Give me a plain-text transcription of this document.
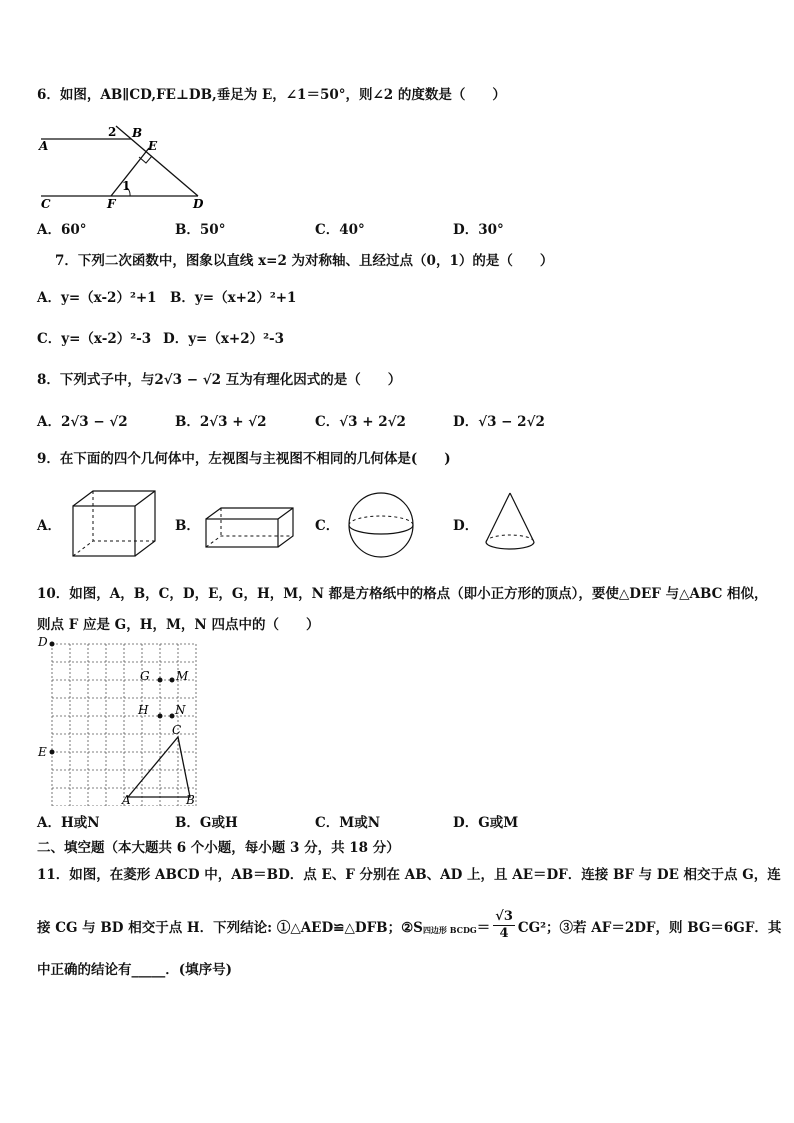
6．如图，AB∥CD,FE⊥DB,垂足为 E，∠1＝50°，则∠2 的度数是（　　）
A
B
2
E
C	F
1
D
A．60°	B．50°	C．40°	D．30°
7．下列二次函数中，图象以直线 x=2 为对称轴、且经过点（0，1）的是（　　）
A．y=（x-2）²+1 B．y=（x+2）²+1
C．y=（x-2）²-3 D．y=（x+2）²-3
8．下列式子中，与2√3 − √2 互为有理化因式的是（　　）
A．2√3 − √2	B．2√3 + √2	C．√3 + 2√2	D．√3 − 2√2
9．在下面的四个几何体中，左视图与主视图不相同的几何体是(　　)
A．	B．	C．	D．
10．如图，A，B，C，D，E，G，H，M，N 都是方格纸中的格点（即小正方形的顶点），要使△DEF 与△ABC 相似，
则点 F 应是 G，H，M，N 四点中的（　　）
D
G M
H N
C
E
A	B
A．H或N	B．G或H	C．M或N	D．G或M
二、填空题（本大题共 6 个小题，每小题 3 分，共 18 分）
11．如图，在菱形 ABCD 中，AB＝BD．点 E、F 分别在 AB、AD 上，且 AE＝DF．连接 BF 与 DE 相交于点 G，连
接 CG 与 BD 相交于点 H．下列结论: ①△AED≌△DFB；②S 四边形 BCDG ＝ $\frac{√3}{4} CG^2$；③若 AF＝2DF，则 BG＝6GF．其
中正确的结论有_____．(填序号)
